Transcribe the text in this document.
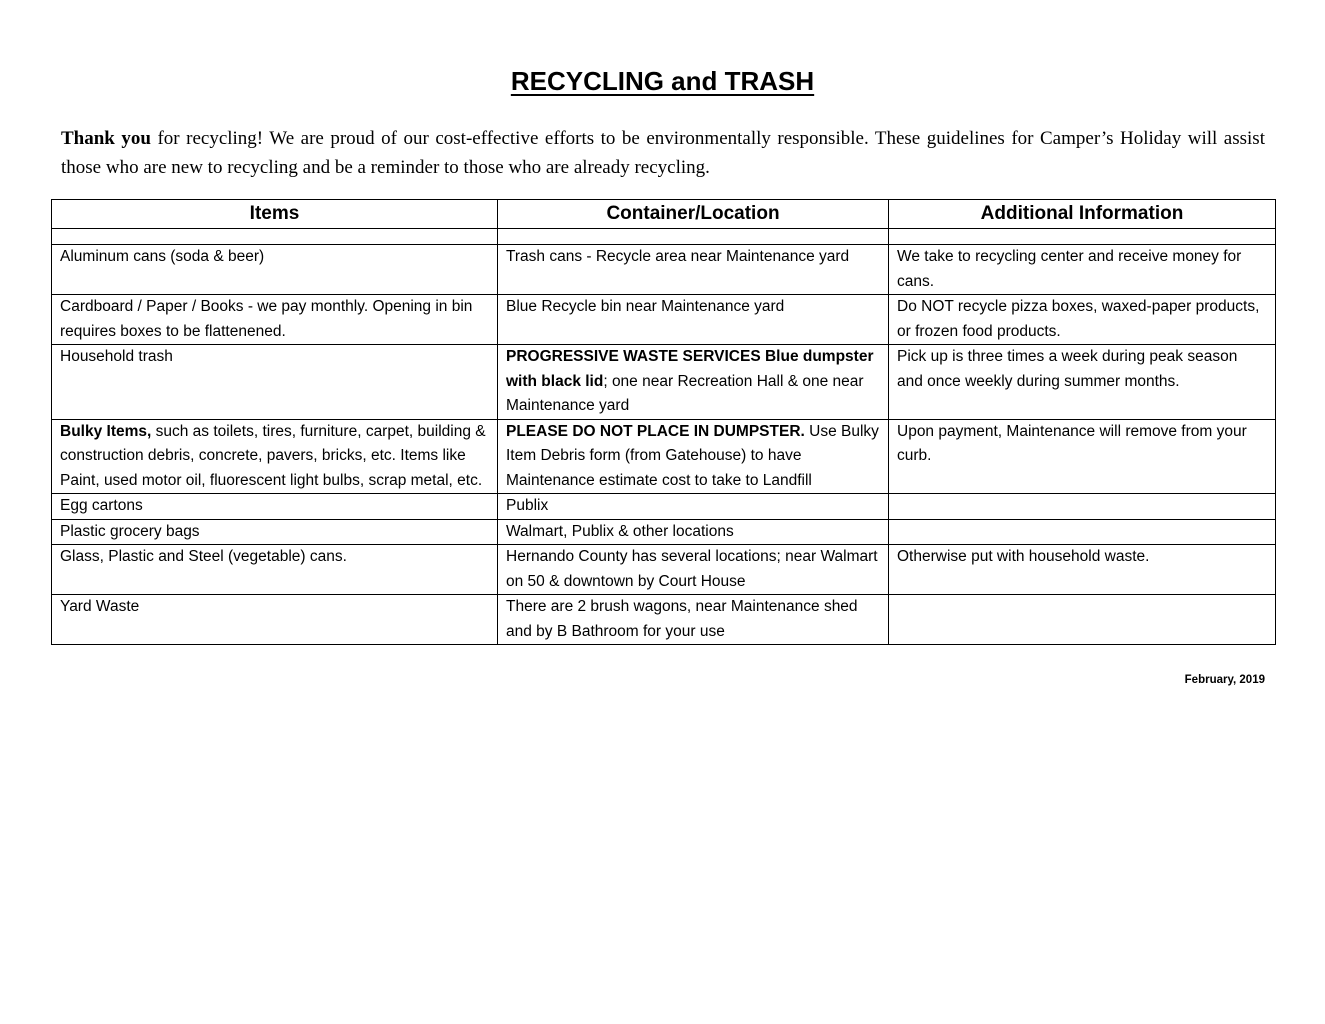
RECYCLING and TRASH

Thank you for recycling! We are proud of our cost-effective efforts to be environmentally responsible. These guidelines for Camper’s Holiday will assist those who are new to recycling and be a reminder to those who are already recycling.

Items	Container/Location	Additional Information

Aluminum cans (soda & beer)	Trash cans - Recycle area near Maintenance yard	We take to recycling center and receive money for cans.
Cardboard / Paper / Books - we pay monthly. Opening in bin requires boxes to be flattenened.	Blue Recycle bin near Maintenance yard	Do NOT recycle pizza boxes, waxed-paper products, or frozen food products.
Household trash	PROGRESSIVE WASTE SERVICES Blue dumpster with black lid; one near Recreation Hall & one near Maintenance yard	Pick up is three times a week during peak season and once weekly during summer months.
Bulky Items, such as toilets, tires, furniture, carpet, building & construction debris, concrete, pavers, bricks, etc. Items like Paint, used motor oil, fluorescent light bulbs, scrap metal, etc.	PLEASE DO NOT PLACE IN DUMPSTER. Use Bulky Item Debris form (from Gatehouse) to have Maintenance estimate cost to take to Landfill	Upon payment, Maintenance will remove from your curb.
Egg cartons	Publix	
Plastic grocery bags	Walmart, Publix & other locations	
Glass, Plastic and Steel (vegetable) cans.	Hernando County has several locations; near Walmart on 50 & downtown by Court House	Otherwise put with household waste.
Yard Waste	There are 2 brush wagons, near Maintenance shed and by B Bathroom for your use	
February, 2019
